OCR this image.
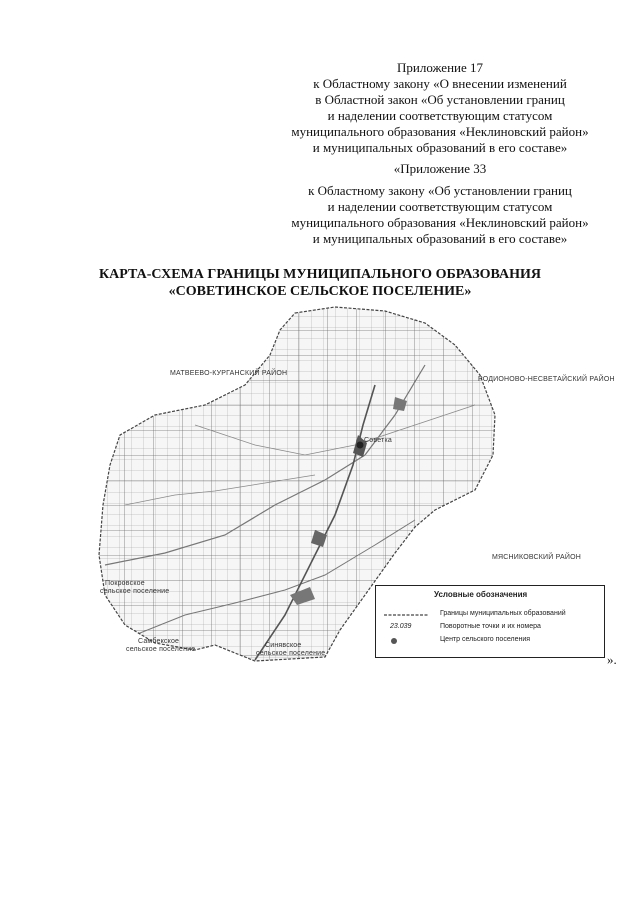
Приложение 17
к Областному закону «О внесении изменений
в Областной закон «Об установлении границ
и наделении соответствующим статусом
муниципального образования «Неклиновский район»
и муниципальных образований в его составе»
«Приложение 33
к Областному закону «Об установлении границ
и наделении соответствующим статусом
муниципального образования «Неклиновский район»
и муниципальных образований в его составе»
КАРТА-СХЕМА ГРАНИЦЫ МУНИЦИПАЛЬНОГО ОБРАЗОВАНИЯ
«СОВЕТИНСКОЕ СЕЛЬСКОЕ ПОСЕЛЕНИЕ»
МАТВЕЕВО-КУРГАНСКИЙ РАЙОН
РОДИОНОВО-НЕСВЕТАЙСКИЙ РАЙОН
МЯСНИКОВСКИЙ РАЙОН
Покровское
сельское поселение
Самбекское
сельское поселение
Синявское
сельское поселение
Советка
Условные обозначения
Границы муниципальных образований
23.039	Поворотные точки и их номера
Центр сельского поселения
».
